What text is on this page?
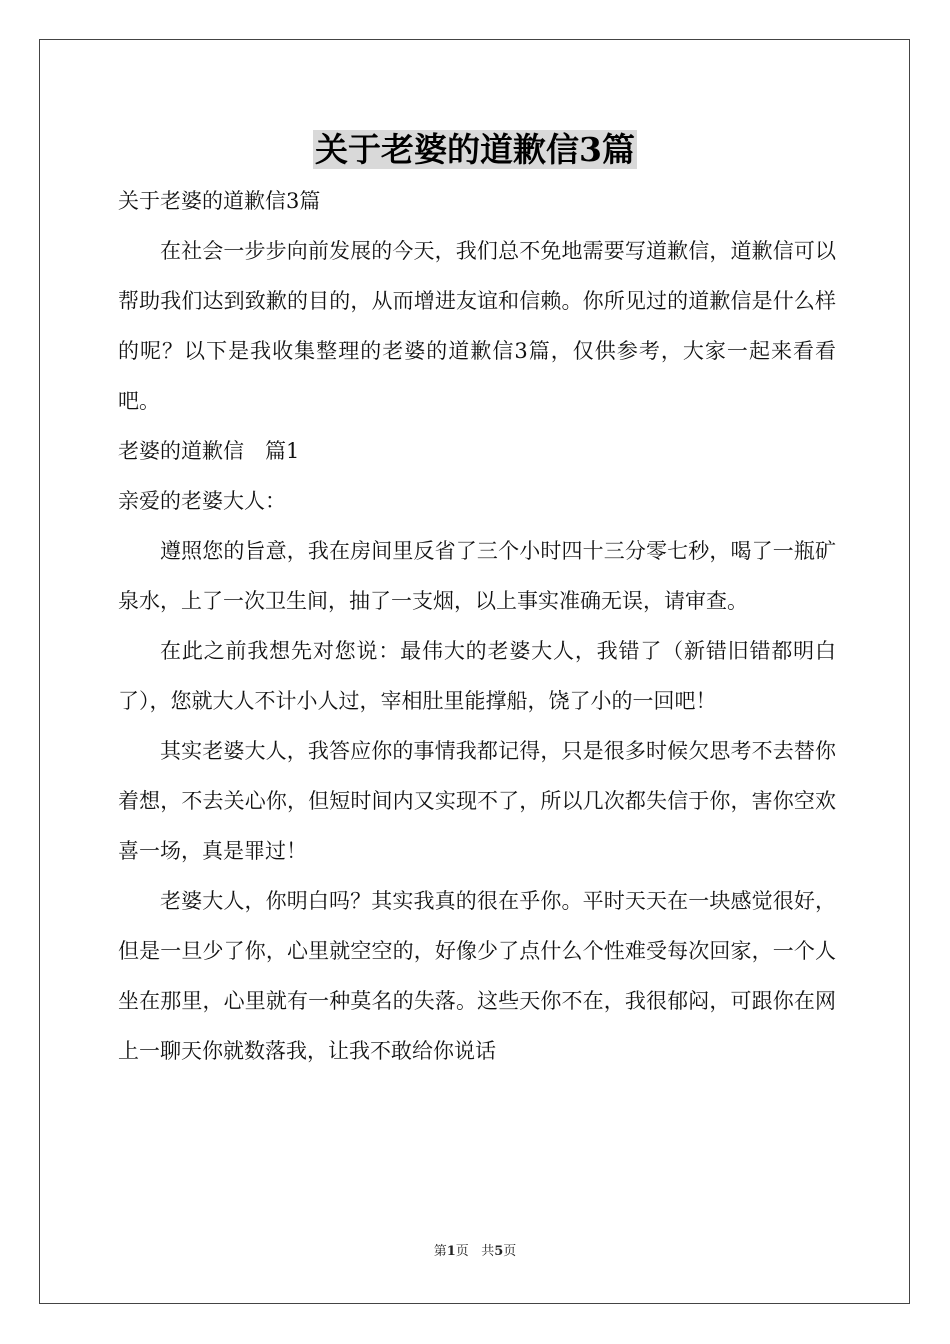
关于老婆的道歉信3篇

关于老婆的道歉信3篇

在社会一步步向前发展的今天，我们总不免地需要写道歉信，道歉信可以帮助我们达到致歉的目的，从而增进友谊和信赖。你所见过的道歉信是什么样的呢？以下是我收集整理的老婆的道歉信3篇，仅供参考，大家一起来看看吧。

老婆的道歉信　篇1

亲爱的老婆大人：

遵照您的旨意，我在房间里反省了三个小时四十三分零七秒，喝了一瓶矿泉水，上了一次卫生间，抽了一支烟，以上事实准确无误，请审查。

在此之前我想先对您说：最伟大的老婆大人，我错了（新错旧错都明白了），您就大人不计小人过，宰相肚里能撑船，饶了小的一回吧！

其实老婆大人，我答应你的事情我都记得，只是很多时候欠思考不去替你着想，不去关心你，但短时间内又实现不了，所以几次都失信于你，害你空欢喜一场，真是罪过！

老婆大人，你明白吗？其实我真的很在乎你。平时天天在一块感觉很好，但是一旦少了你，心里就空空的，好像少了点什么个性难受每次回家，一个人坐在那里，心里就有一种莫名的失落。这些天你不在，我很郁闷，可跟你在网上一聊天你就数落我，让我不敢给你说话

第1页 共5页
